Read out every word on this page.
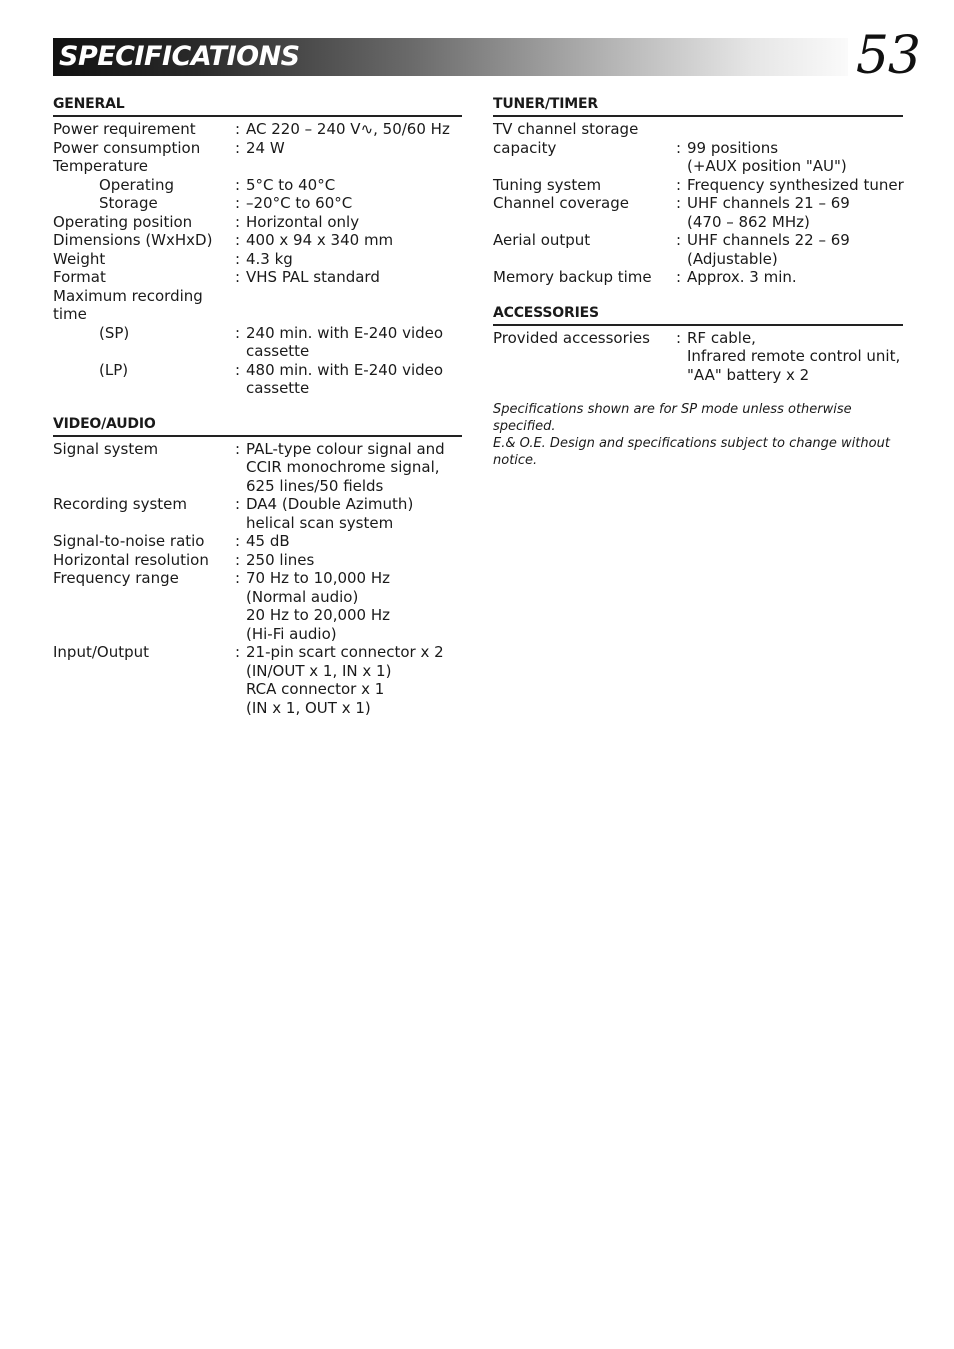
SPECIFICATIONS	53
GENERAL
Power requirement	: AC 220 – 240 V∿, 50/60 Hz
Power consumption	: 24 W
Temperature
Operating	: 5°C to 40°C
Storage	: –20°C to 60°C
Operating position	: Horizontal only
Dimensions (WxHxD)	: 400 x 94 x 340 mm
Weight	: 4.3 kg
Format	: VHS PAL standard
Maximum recording time
(SP)	: 240 min. with E-240 video
cassette
(LP)	: 480 min. with E-240 video
cassette
VIDEO/AUDIO
Signal system	: PAL-type colour signal and
CCIR monochrome signal,
625 lines/50 fields
Recording system	: DA4 (Double Azimuth)
helical scan system
Signal-to-noise ratio	: 45 dB
Horizontal resolution	: 250 lines
Frequency range	: 70 Hz to 10,000 Hz
(Normal audio)
20 Hz to 20,000 Hz
(Hi-Fi audio)
Input/Output	: 21-pin scart connector x 2
(IN/OUT x 1, IN x 1)
RCA connector x 1
(IN x 1, OUT x 1)
TUNER/TIMER
TV channel storage
capacity	: 99 positions
(+AUX position "AU")
Tuning system	: Frequency synthesized tuner
Channel coverage	: UHF channels 21 – 69
(470 – 862 MHz)
Aerial output	: UHF channels 22 – 69
(Adjustable)
Memory backup time	: Approx. 3 min.
ACCESSORIES
Provided accessories	: RF cable,
Infrared remote control unit,
"AA" battery x 2
Specifications shown are for SP mode unless otherwise specified.
E.& O.E. Design and specifications subject to change without notice.
